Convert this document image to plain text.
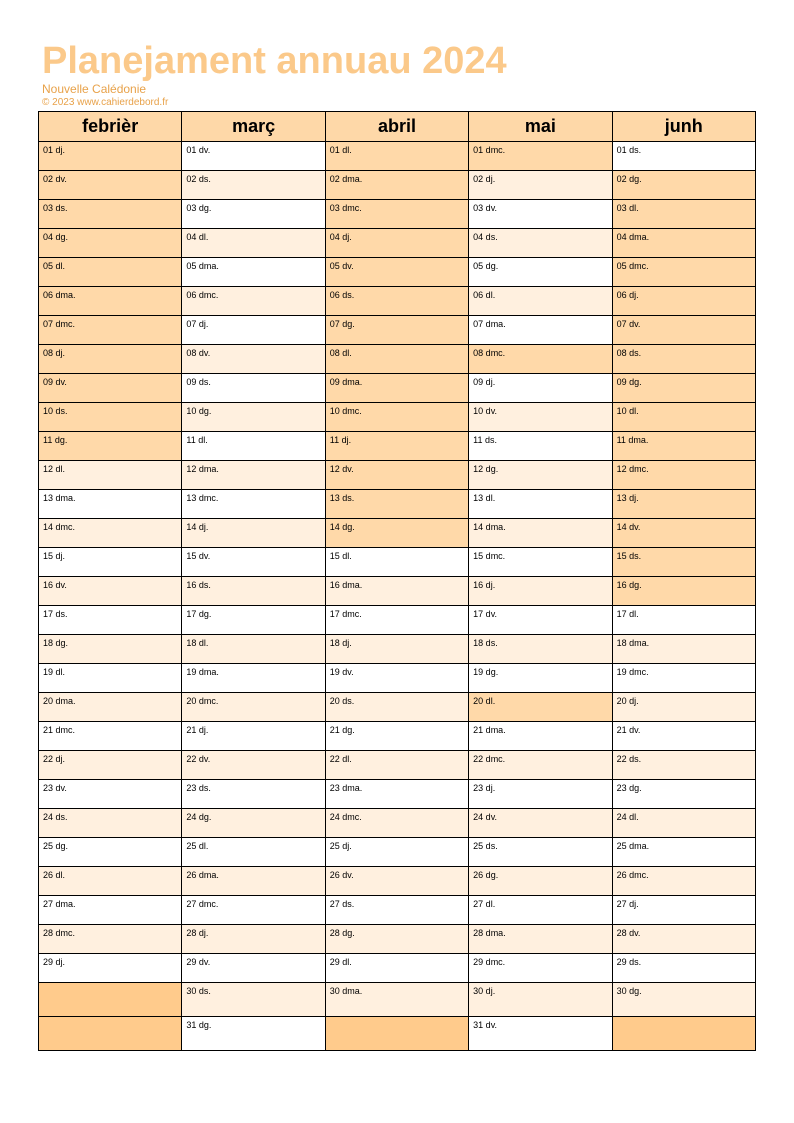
Planejament annuau 2024
Nouvelle Calédonie
© 2023 www.cahierdebord.fr
febrièr	març	abril	mai	junh
01 dj.	01 dv.	01 dl.	01 dmc.	01 ds.
02 dv.	02 ds.	02 dma.	02 dj.	02 dg.
03 ds.	03 dg.	03 dmc.	03 dv.	03 dl.
04 dg.	04 dl.	04 dj.	04 ds.	04 dma.
05 dl.	05 dma.	05 dv.	05 dg.	05 dmc.
06 dma.	06 dmc.	06 ds.	06 dl.	06 dj.
07 dmc.	07 dj.	07 dg.	07 dma.	07 dv.
08 dj.	08 dv.	08 dl.	08 dmc.	08 ds.
09 dv.	09 ds.	09 dma.	09 dj.	09 dg.
10 ds.	10 dg.	10 dmc.	10 dv.	10 dl.
11 dg.	11 dl.	11 dj.	11 ds.	11 dma.
12 dl.	12 dma.	12 dv.	12 dg.	12 dmc.
13 dma.	13 dmc.	13 ds.	13 dl.	13 dj.
14 dmc.	14 dj.	14 dg.	14 dma.	14 dv.
15 dj.	15 dv.	15 dl.	15 dmc.	15 ds.
16 dv.	16 ds.	16 dma.	16 dj.	16 dg.
17 ds.	17 dg.	17 dmc.	17 dv.	17 dl.
18 dg.	18 dl.	18 dj.	18 ds.	18 dma.
19 dl.	19 dma.	19 dv.	19 dg.	19 dmc.
20 dma.	20 dmc.	20 ds.	20 dl.	20 dj.
21 dmc.	21 dj.	21 dg.	21 dma.	21 dv.
22 dj.	22 dv.	22 dl.	22 dmc.	22 ds.
23 dv.	23 ds.	23 dma.	23 dj.	23 dg.
24 ds.	24 dg.	24 dmc.	24 dv.	24 dl.
25 dg.	25 dl.	25 dj.	25 ds.	25 dma.
26 dl.	26 dma.	26 dv.	26 dg.	26 dmc.
27 dma.	27 dmc.	27 ds.	27 dl.	27 dj.
28 dmc.	28 dj.	28 dg.	28 dma.	28 dv.
29 dj.	29 dv.	29 dl.	29 dmc.	29 ds.
	30 ds.	30 dma.	30 dj.	30 dg.
	31 dg.		31 dv.	
